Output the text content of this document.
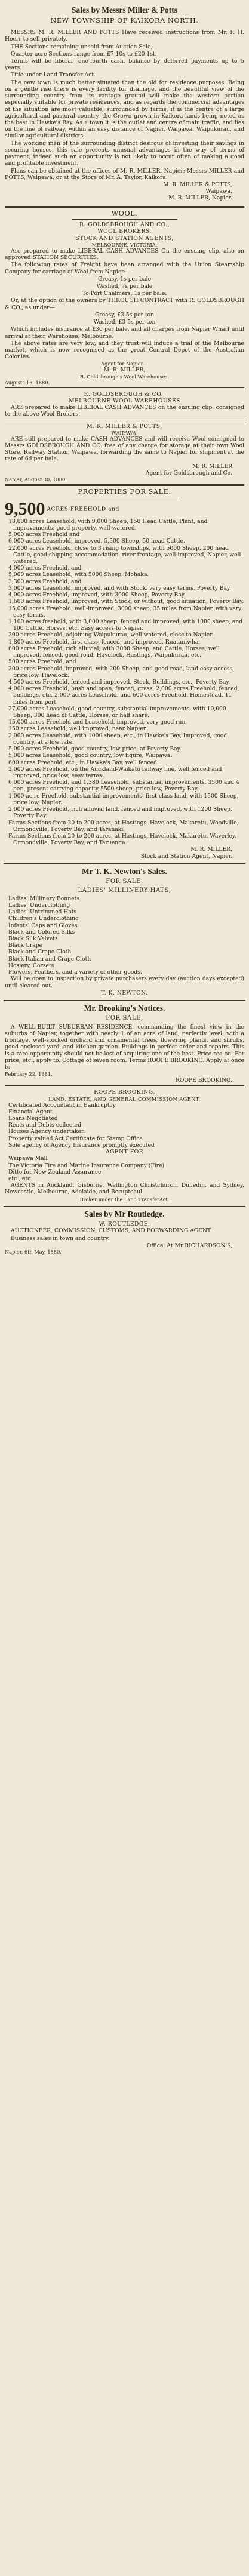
Sales by Messrs Miller & Potts
NEW TOWNSHIP OF KAIKORA NORTH.

MESSRS M. R. MILLER AND POTTS Have received instructions from Mr. F. H. Hoerr to sell privately,

THE Sections remaining unsold from Auction Sale,

Quarter-acre Sections range from £7 10s to £20 1st.

Terms will be liberal—one-fourth cash, balance by deferred payments up to 5 years.

Title under Land Transfer Act.

The new town is much better situated than the old for residence purposes. Being on a gentle rise there is every facility for drainage, and the beautiful view of the surrounding country from its vantage ground will make the western portion especially suitable for private residences, and as regards the commercial advantages of the situation are most valuable; surrounded by farms, it is the centre of a large agricultural and pastoral country, the Crown grown in Kaikora lands being noted as the best in Hawke's Bay. As a town it is the outlet and centre of main traffic, and lies on the line of railway, within an easy distance of Napier, Waipawa, Waipukurau, and similar agricultural districts.

The working men of the surrounding district desirous of investing their savings in securing houses, this sale presents unusual advantages in the way of terms of payment; indeed such an opportunity is not likely to occur often of making a good and profitable investment.

Plans can be obtained at the offices of M. R. MILLER, Napier; Messrs MILLER and POTTS, Waipawa; or at the Store of Mr. A. Taylor, Kaikora.

M. R. MILLER & POTTS,
Waipawa,
M. R. MILLER, Napier.
WOOL.
R. GOLDSBROUGH AND CO.,
WOOL BROKERS,
STOCK AND STATION AGENTS,
MELBOURNE, VICTORIA.

Are prepared to make LIBERAL CASH ADVANCES On the ensuing clip, also on approved STATION SECURITIES.

The following rates of Freight have been arranged with the Union Steamship Company for carriage of Wool from Napier:—

Greasy, 1s per bale

Washed, 7s per bale

To Port Chalmers, 1s per bale.

Or, at the option of the owners by THROUGH CONTRACT with R. GOLDSBROUGH & CO., as under—

Greasy, £3 5s per ton

Washed, £3 5s per ton

Which includes insurance at £30 per bale, and all charges from Napier Wharf until arrival at their Warehouse, Melbourne.

The above rates are very low, and they trust will induce a trial of the Melbourne market, which is now recognised as the great Central Depot of the Australian Colonies.

Agent for Napier—
M. R. MILLER,
R. Goldsbrough's Wool Warehouses.
Augusts 13, 1880.
R. GOLDSBROUGH & CO.,
MELBOURNE WOOL WAREHOUSES

ARE prepared to make LIBERAL CASH ADVANCES on the ensuing clip, consigned to the above Wool Brokers.

M. R. MILLER & POTTS,
WAIPAWA,

ARE still prepared to make CASH ADVANCES and will receive Wool consigned to Messrs GOLDSBROUGH AND CO. free of any charge for storage at their own Wool Store, Railway Station, Waipawa, forwarding the same to Napier for shipment at the rate of 6d per bale.

M. R. MILLER
Agent for Goldsbrough and Co.
Napier, August 30, 1880.
PROPERTIES FOR SALE.
9,500 ACRES FREEHOLD and
18,000 acres Leasehold, with 9,000 Sheep, 150 Head Cattle, Plant, and improvements; good property, well-watered.
5,000 acres Freehold and
6,000 acres Leasehold, improved, 5,500 Sheep, 50 head Cattle.
22,000 acres Freehold, close to 3 rising townships, with 5000 Sheep, 200 head Cattle, good shipping accommodation, river frontage, well-improved, Napier, well watered.
4,000 acres Freehold, and
5,000 acres Leasehold, with 5000 Sheep, Mohaka.
3,300 acres Freehold, and
3,000 acres Leasehold, improved, and with Stock, very easy terms, Poverty Bay.
4,000 acres Freehold, improved, with 3000 Sheep, Poverty Bay.
1,600 acres Freehold, improved, with Stock, or without, good situation, Poverty Bay.
15,000 acres Freehold, well-improved, 3000 sheep, 35 miles from Napier, with very easy terms.
1,100 acres freehold, with 3,000 sheep, fenced and improved, with 1000 sheep, and 100 Cattle, Horses, etc. Easy access to Napier.
300 acres Freehold, adjoining Waipukurau, well watered, close to Napier.
1,800 acres Freehold, first class, fenced, and improved, Ruataniwha.
600 acres Freehold, rich alluvial, with 3000 Sheep, and Cattle, Horses, well improved, fenced, good road, Havelock, Hastings, Waipukurau, etc.
500 acres Freehold, and
200 acres Freehold, improved, with 200 Sheep, and good road, land easy access, price low. Havelock.
4,500 acres Freehold, fenced and improved, Stock, Buildings, etc., Poverty Bay.
4,000 acres Freehold, bush and open, fenced, grass, 2,000 acres Freehold, fenced, buildings, etc. 2,000 acres Leasehold, and 600 acres Freehold. Homestead, 11 miles from port.
27,000 acres Leasehold, good country, substantial improvements, with 10,000 Sheep, 300 head of Cattle, Horses, or half share.
15,000 acres Freehold and Leasehold, improved, very good run.
150 acres Leasehold, well improved, near Napier.
2,000 acres Leasehold, with 1000 sheep, etc., in Hawke's Bay, Improved, good country, at a low rate.
5,000 acres Freehold, good country, low price, at Poverty Bay.
5,000 acres Leasehold, good country, low figure, Waipawa.
600 acres Freehold, etc., in Hawke's Bay, well fenced.
2,000 acres Freehold, on the Auckland-Waikato railway line, well fenced and improved, price low, easy terms.
6,000 acres Freehold, and 1,380 Leasehold, substantial improvements, 3500 and 4 per., present carrying capacity 5500 sheep, price low, Poverty Bay.
1,000 ac.re Freehold, substantial improvements, first-class land, with 1500 Sheep, price low, Napier.
2,000 acres Freehold, rich alluvial land, fenced and improved, with 1200 Sheep, Poverty Bay.
Farms Sections from 20 to 200 acres, at Hastings, Havelock, Makaretu, Woodville, Ormondville, Poverty Bay, and Taranaki.
Farms Sections from 20 to 200 acres, at Hastings, Havelock, Makaretu, Waverley, Ormondville, Poverty Bay, and Taruenga.
M. R. MILLER,
Stock and Station Agent, Napier.
Mr T. K. Newton's Sales.
FOR SALE,
LADIES' MILLINERY HATS,
Ladies' Millinery Bonnets
Ladies' Underclothing
Ladies' Untrimmed Hats
Children's Underclothing
Infants' Caps and Gloves
Black and Colored Silks
Black Silk Velvets
Black Crape
Black and Crape Cloth
Black Italian and Crape Cloth
Hosiery, Corsets
Flowers, Feathers, and a variety of other goods.

Will be open to inspection by private purchasers every day (auction days excepted) until cleared out.

T. K. NEWTON.
Mr. Brooking's Notices.
FOR SALE,

A WELL-BUILT SUBURBAN RESIDENCE, commanding the finest view in the suburbs of Napier, together with nearly 1 of an acre of land, perfectly level, with a frontage, well-stocked orchard and ornamental trees, flowering plants, and shrubs, good enclosed yard, and kitchen garden. Buildings in perfect order and repairs. This is a rare opportunity should not be lost of acquiring one of the best. Price rea on. For price, etc., apply to. Cottage of seven room. Terms ROOPE BROOKING. Apply at once to

February 22, 1881.
ROOPE BROOKING.
ROOPE BROOKING,
LAND, ESTATE, AND GENERAL COMMISSION AGENT,
Certificated Accountant in Bankruptcy
Financial Agent
Loans Negotiated
Rents and Debts collected
Houses Agency undertaken
Property valued Act Certificate for Stamp Office
Sole agency of Agency Insurance promptly executed
AGENT FOR
Waipawa Mall
The Victoria Fire and Marine Insurance Company (Fire)
Ditto for New Zealand Assurance
etc., etc.

AGENTS in Auckland, Gisborne, Wellington Christchurch, Dunedin, and Sydney, Newcastle, Melbourne, Adelaide, and Beruptchul.

Broker under the Land TransferAct.
Sales by Mr Routledge.
W. ROUTLEDGE,

AUCTIONEER, COMMISSION, CUSTOMS, AND FORWARDING AGENT.

Business sales in town and country.

Office: At Mr RICHARDSON'S,
Napier, 6th May, 1880.
